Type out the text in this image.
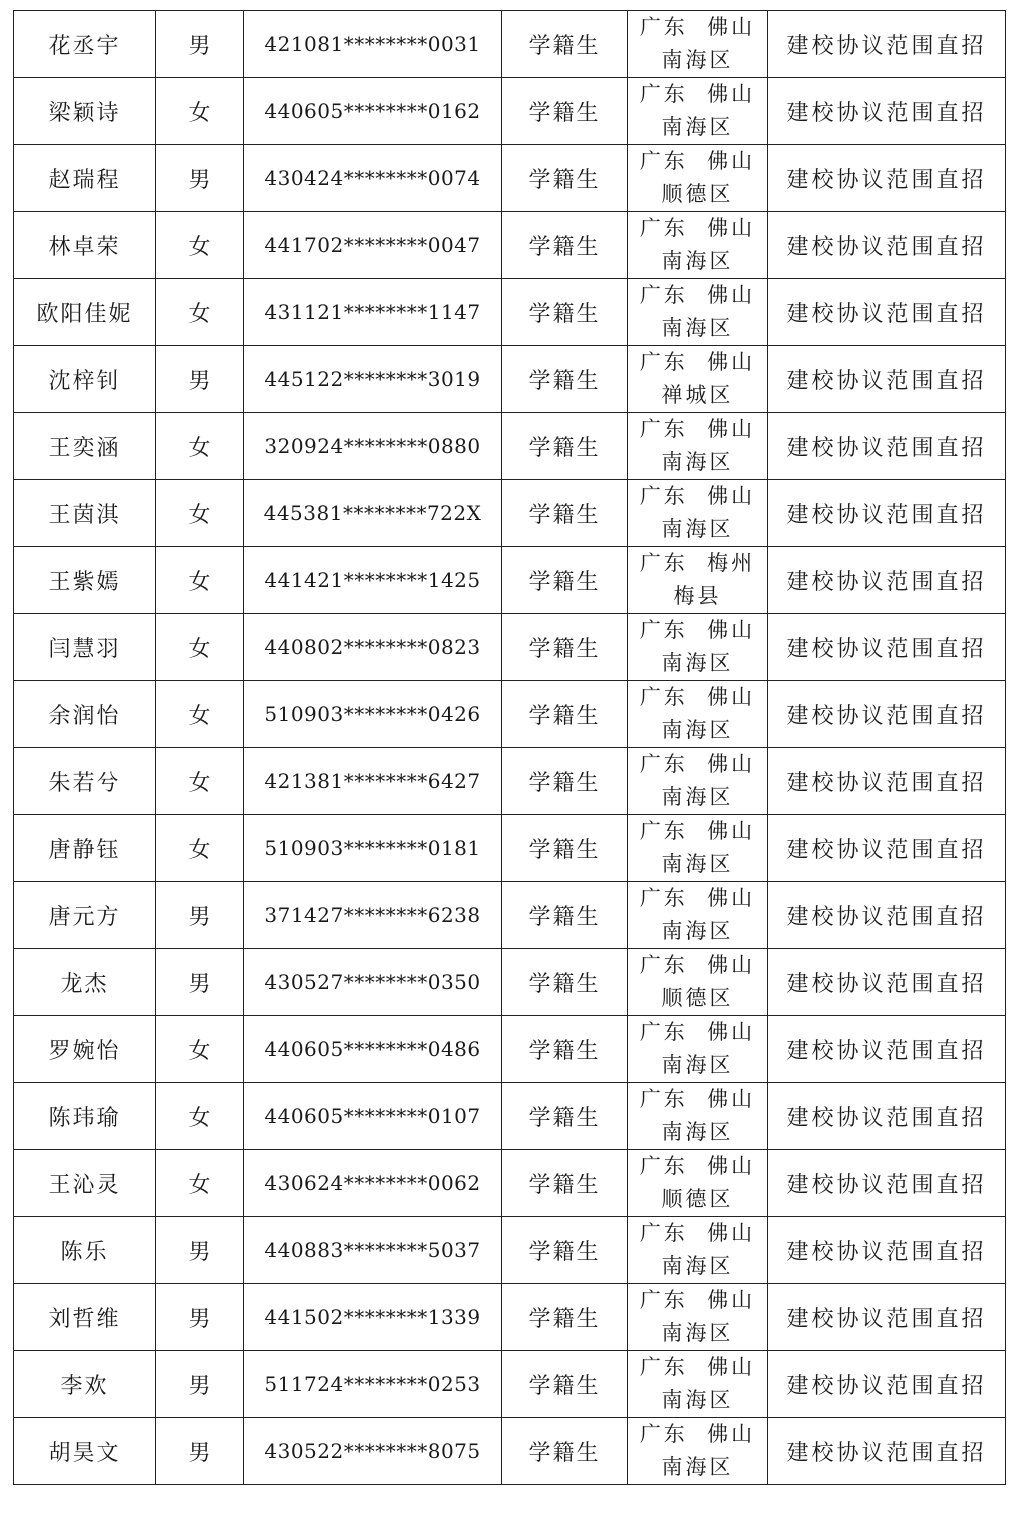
花丞宇	男	421081********0031	学籍生	广东  佛山
南海区	建校协议范围直招
梁颖诗	女	440605********0162	学籍生	广东  佛山
南海区	建校协议范围直招
赵瑞程	男	430424********0074	学籍生	广东  佛山
顺德区	建校协议范围直招
林卓荣	女	441702********0047	学籍生	广东  佛山
南海区	建校协议范围直招
欧阳佳妮	女	431121********1147	学籍生	广东  佛山
南海区	建校协议范围直招
沈梓钊	男	445122********3019	学籍生	广东  佛山
禅城区	建校协议范围直招
王奕涵	女	320924********0880	学籍生	广东  佛山
南海区	建校协议范围直招
王茵淇	女	445381********722X	学籍生	广东  佛山
南海区	建校协议范围直招
王紫嫣	女	441421********1425	学籍生	广东  梅州
梅县	建校协议范围直招
闫慧羽	女	440802********0823	学籍生	广东  佛山
南海区	建校协议范围直招
余润怡	女	510903********0426	学籍生	广东  佛山
南海区	建校协议范围直招
朱若兮	女	421381********6427	学籍生	广东  佛山
南海区	建校协议范围直招
唐静钰	女	510903********0181	学籍生	广东  佛山
南海区	建校协议范围直招
唐元方	男	371427********6238	学籍生	广东  佛山
南海区	建校协议范围直招
龙杰	男	430527********0350	学籍生	广东  佛山
顺德区	建校协议范围直招
罗婉怡	女	440605********0486	学籍生	广东  佛山
南海区	建校协议范围直招
陈玮瑜	女	440605********0107	学籍生	广东  佛山
南海区	建校协议范围直招
王沁灵	女	430624********0062	学籍生	广东  佛山
顺德区	建校协议范围直招
陈乐	男	440883********5037	学籍生	广东  佛山
南海区	建校协议范围直招
刘哲维	男	441502********1339	学籍生	广东  佛山
南海区	建校协议范围直招
李欢	男	511724********0253	学籍生	广东  佛山
南海区	建校协议范围直招
胡昊文	男	430522********8075	学籍生	广东  佛山
南海区	建校协议范围直招
